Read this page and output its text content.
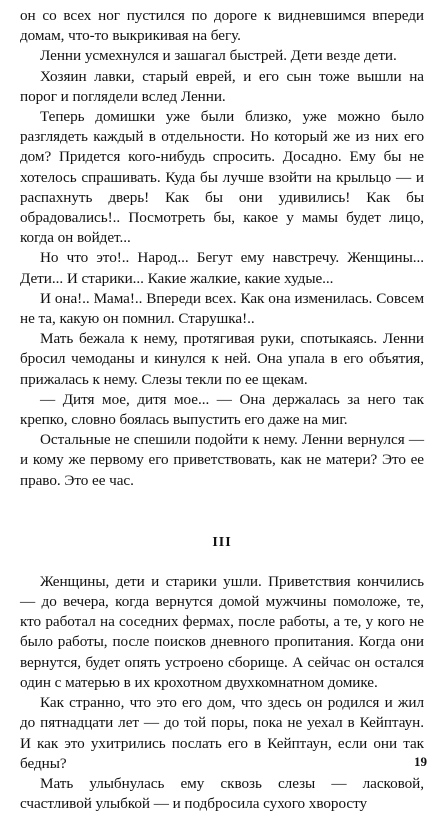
он со всех ног пустился по дороге к видневшимся впереди домам, что-то выкрикивая на бегу.

Ленни усмехнулся и зашагал быстрей. Дети везде дети.

Хозяин лавки, старый еврей, и его сын тоже вышли на порог и поглядели вслед Ленни.

Теперь домишки уже были близко, уже можно было разглядеть каждый в отдельности. Но который же из них его дом? Придется кого-нибудь спросить. Досадно. Ему бы не хотелось спрашивать. Куда бы лучше взойти на крыльцо — и распахнуть дверь! Как бы они удивились! Как бы обрадовались!.. Посмотреть бы, какое у мамы будет лицо, когда он войдет...

Но что это!.. Народ... Бегут ему навстречу. Женщины... Дети... И старики... Какие жалкие, какие худые...

И она!.. Мама!.. Впереди всех. Как она изменилась. Совсем не та, какую он помнил. Старушка!..

Мать бежала к нему, протягивая руки, спотыкаясь. Ленни бросил чемоданы и кинулся к ней. Она упала в его объятия, прижалась к нему. Слезы текли по ее щекам.

— Дитя мое, дитя мое... — Она держалась за него так крепко, словно боялась выпустить его даже на миг.

Остальные не спешили подойти к нему. Ленни вернулся — и кому же первому его приветствовать, как не матери? Это ее право. Это ее час.

III

Женщины, дети и старики ушли. Приветствия кончились — до вечера, когда вернутся домой мужчины помоложе, те, кто работал на соседних фермах, после работы, а те, у кого не было работы, после поисков дневного пропитания. Когда они вернутся, будет опять устроено сборище. А сейчас он остался один с матерью в их крохотном двухкомнатном домике.

Как странно, что это его дом, что здесь он родился и жил до пятнадцати лет — до той поры, пока не уехал в Кейптаун. И как это ухитрились послать его в Кейптаун, если они так бедны?

Мать улыбнулась ему сквозь слезы — ласковой, счастливой улыбкой — и подбросила сухого хворосту

19
